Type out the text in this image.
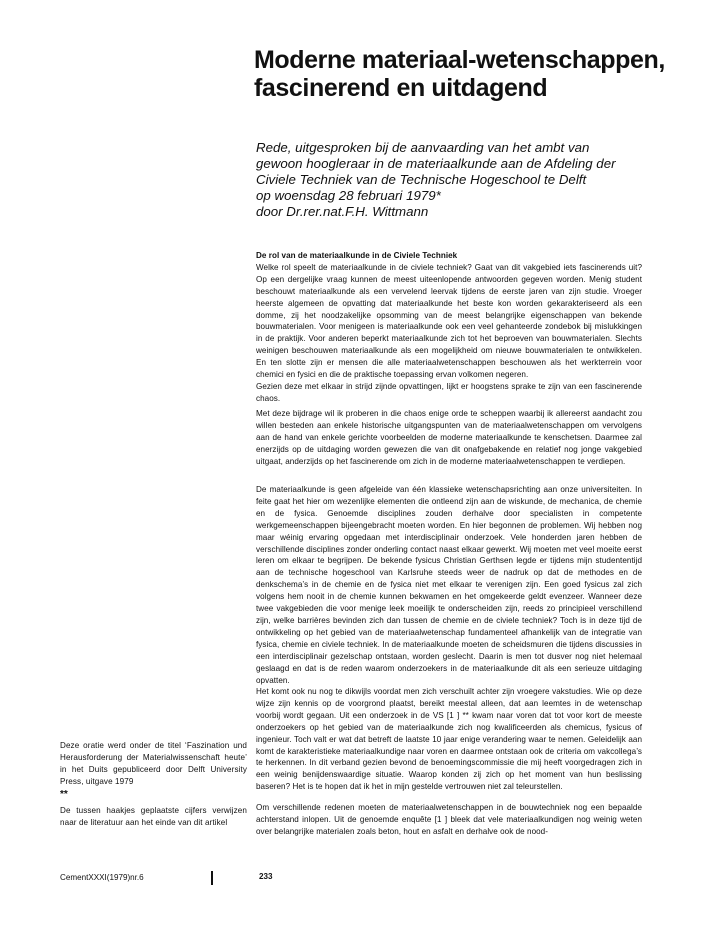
Moderne materiaal-wetenschappen, fascinerend en uitdagend
Rede, uitgesproken bij de aanvaarding van het ambt van
gewoon hoogleraar in de materiaalkunde aan de Afdeling der
Civiele Techniek van de Technische Hogeschool te Delft
op woensdag 28 februari 1979*
door Dr.rer.nat.F.H. Wittmann

De rol van de materiaalkunde in de Civiele Techniek

Welke rol speelt de materiaalkunde in de civiele techniek? Gaat van dit vakgebied iets fascinerends uit? Op een dergelijke vraag kunnen de meest uiteenlopende antwoorden gegeven worden. Menig student beschouwt materiaalkunde als een vervelend leervak tijdens de eerste jaren van zijn studie. Vroeger heerste algemeen de opvatting dat materiaalkunde het beste kon worden gekarakteriseerd als een domme, zij het noodzakelijke opsomming van de meest belangrijke eigenschappen van bekende bouwmaterialen. Voor menigeen is materiaalkunde ook een veel gehanteerde zondebok bij mislukkingen in de praktijk. Voor anderen beperkt materiaalkunde zich tot het beproeven van bouwmaterialen. Slechts weinigen beschouwen materiaalkunde als een mogelijkheid om nieuwe bouwmaterialen te ontwikkelen. En ten slotte zijn er mensen die alle materiaalwetenschappen beschouwen als het werkterrein voor chemici en fysici en die de praktische toepassing ervan volkomen negeren.

Gezien deze met elkaar in strijd zijnde opvattingen, lijkt er hoogstens sprake te zijn van een fascinerende chaos.

Met deze bijdrage wil ik proberen in die chaos enige orde te scheppen waarbij ik allereerst aandacht zou willen besteden aan enkele historische uitgangspunten van de materiaalwetenschappen om vervolgens aan de hand van enkele gerichte voorbeelden de moderne materiaalkunde te kenschetsen. Daarmee zal enerzijds op de uitdaging worden gewezen die van dit onafgebakende en relatief nog jonge vakgebied uitgaat, anderzijds op het fascinerende om zich in de moderne materiaalwetenschappen te verdiepen.

De materiaalkunde is geen afgeleide van één klassieke wetenschapsrichting aan onze universiteiten. In feite gaat het hier om wezenlijke elementen die ontleend zijn aan de wiskunde, de mechanica, de chemie en de fysica. Genoemde disciplines zouden derhalve door specialisten in competente werkgemeenschappen bijeengebracht moeten worden. En hier begonnen de problemen. Wij hebben nog maar wéinig ervaring opgedaan met interdisciplinair onderzoek. Vele honderden jaren hebben de verschillende disciplines zonder onderling contact naast elkaar gewerkt. Wij moeten met veel moeite eerst leren om elkaar te begrijpen. De bekende fysicus Christian Gerthsen legde er tijdens mijn studententijd aan de technische hogeschool van Karlsruhe steeds weer de nadruk op dat de methodes en de denkschema’s in de chemie en de fysica niet met elkaar te verenigen zijn. Een goed fysicus zal zich volgens hem nooit in de chemie kunnen bekwamen en het omgekeerde geldt evenzeer. Wanneer deze twee vakgebieden die voor menige leek moeilijk te onderscheiden zijn, reeds zo principieel verschillend zijn, welke barrières bevinden zich dan tussen de chemie en de civiele techniek? Toch is in deze tijd de ontwikkeling op het gebied van de materiaalwetenschap fundamenteel afhankelijk van de integratie van fysica, chemie en civiele techniek. In de materiaalkunde moeten de scheidsmuren die tijdens discussies in een interdisciplinair gezelschap ontstaan, worden geslecht. Daarin is men tot dusver nog niet helemaal geslaagd en dat is de reden waarom onderzoekers in de materiaalkunde dit als een serieuze uitdaging opvatten.

Het komt ook nu nog te dikwijls voordat men zich verschuilt achter zijn vroegere vakstudies. Wie op deze wijze zijn kennis op de voorgrond plaatst, bereikt meestal alleen, dat aan leemtes in de wetenschap voorbij wordt gegaan. Uit een onderzoek in de VS [1 ] ** kwam naar voren dat tot voor kort de meeste onderzoekers op het gebied van de materiaalkunde zich nog kwalificeerden als chemicus, fysicus of ingenieur. Toch valt er wat dat betreft de laatste 10 jaar enige verandering waar te nemen. Geleidelijk aan komt de karakteristieke materiaalkundige naar voren en daarmee ontstaan ook de criteria om vakcollega’s te herkennen. In dit verband gezien bevond de benoemingscommissie die mij heeft voorgedragen zich in een weinig benijdenswaardige situatie. Waarop konden zij zich op het moment van hun beslissing baseren? Het is te hopen dat ik het in mijn gestelde vertrouwen niet zal teleurstellen.

Om verschillende redenen moeten de materiaalwetenschappen in de bouwtechniek nog een bepaalde achterstand inlopen. Uit de genoemde enquête [1 ] bleek dat vele materiaalkundigen nog weinig weten over belangrijke materialen zoals beton, hout en asfalt en derhalve ook de nood-

Deze oratie werd onder de titel ‘Faszination und Herausforderung der Materialwissenschaft heute’ in het Duits gepubliceerd door Delft University Press, uitgave 1979

**

De tussen haakjes geplaatste cijfers verwijzen naar de literatuur aan het einde van dit artikel

CementXXXI(1979)nr.6	233
